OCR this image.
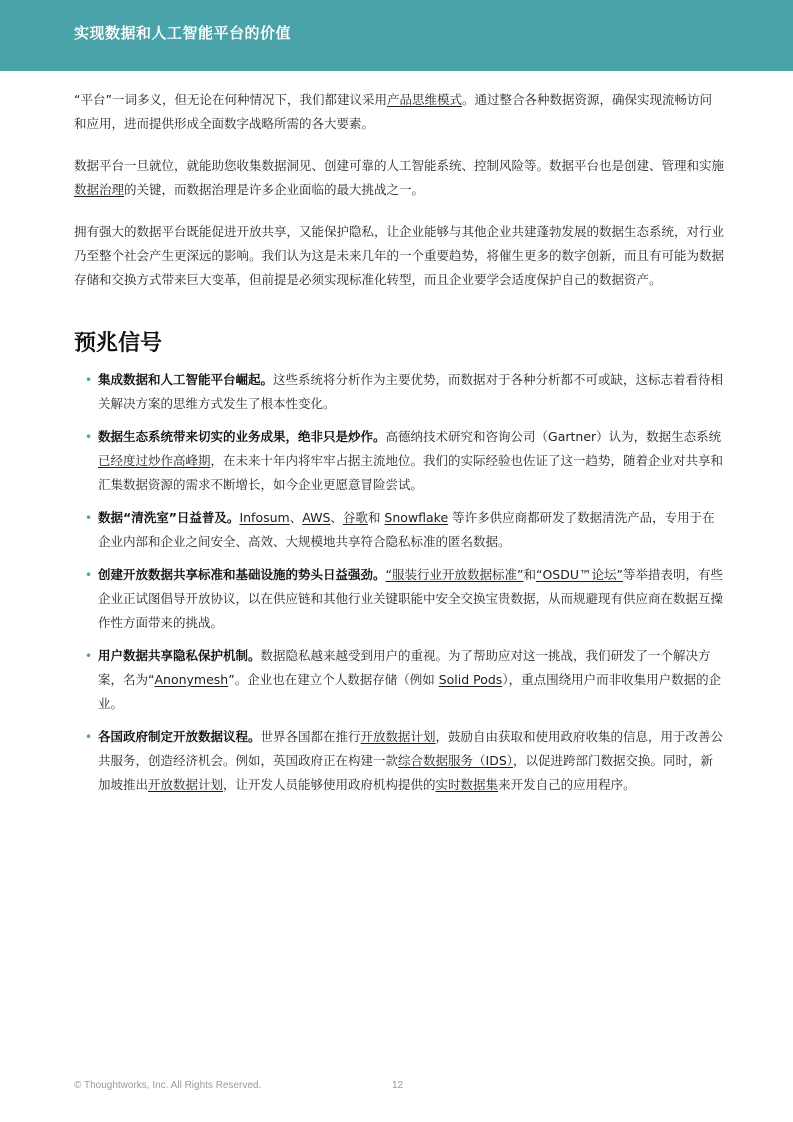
实现数据和人工智能平台的价值

“平台”一词多义，但无论在何种情况下，我们都建议采用产品思维模式。通过整合各种数据资源，确保实现流畅访问和应用，进而提供形成全面数字战略所需的各大要素。

数据平台一旦就位，就能助您收集数据洞见、创建可靠的人工智能系统、控制风险等。数据平台也是创建、管理和实施数据治理的关键，而数据治理是许多企业面临的最大挑战之一。

拥有强大的数据平台既能促进开放共享，又能保护隐私，让企业能够与其他企业共建蓬勃发展的数据生态系统，对行业乃至整个社会产生更深远的影响。我们认为这是未来几年的一个重要趋势，将催生更多的数字创新，而且有可能为数据存储和交换方式带来巨大变革，但前提是必须实现标准化转型，而且企业要学会适度保护自己的数据资产。

预兆信号
• 集成数据和人工智能平台崛起。这些系统将分析作为主要优势，而数据对于各种分析都不可或缺，这标志着看待相关解决方案的思维方式发生了根本性变化。
• 数据生态系统带来切实的业务成果，绝非只是炒作。高德纳技术研究和咨询公司（Gartner）认为，数据生态系统已经度过炒作高峰期，在未来十年内将牢牢占据主流地位。我们的实际经验也佐证了这一趋势，随着企业对共享和汇集数据资源的需求不断增长，如今企业更愿意冒险尝试。
• 数据“清洗室”日益普及。Infosum、AWS、谷歌和 Snowflake 等许多供应商都研发了数据清洗产品，专用于在企业内部和企业之间安全、高效、大规模地共享符合隐私标准的匿名数据。
• 创建开放数据共享标准和基础设施的势头日益强劲。“服装行业开放数据标准”和“OSDU™论坛”等举措表明，有些企业正试图倡导开放协议，以在供应链和其他行业关键职能中安全交换宝贵数据，从而规避现有供应商在数据互操作性方面带来的挑战。
• 用户数据共享隐私保护机制。数据隐私越来越受到用户的重视。为了帮助应对这一挑战，我们研发了一个解决方案，名为“Anonymesh”。企业也在建立个人数据存储（例如 Solid Pods），重点围绕用户而非收集用户数据的企业。
• 各国政府制定开放数据议程。世界各国都在推行开放数据计划，鼓励自由获取和使用政府收集的信息，用于改善公共服务，创造经济机会。例如，英国政府正在构建一款综合数据服务（IDS），以促进跨部门数据交换。同时，新加坡推出开放数据计划，让开发人员能够使用政府机构提供的实时数据集来开发自己的应用程序。
© Thoughtworks, Inc. All Rights Reserved.	12
